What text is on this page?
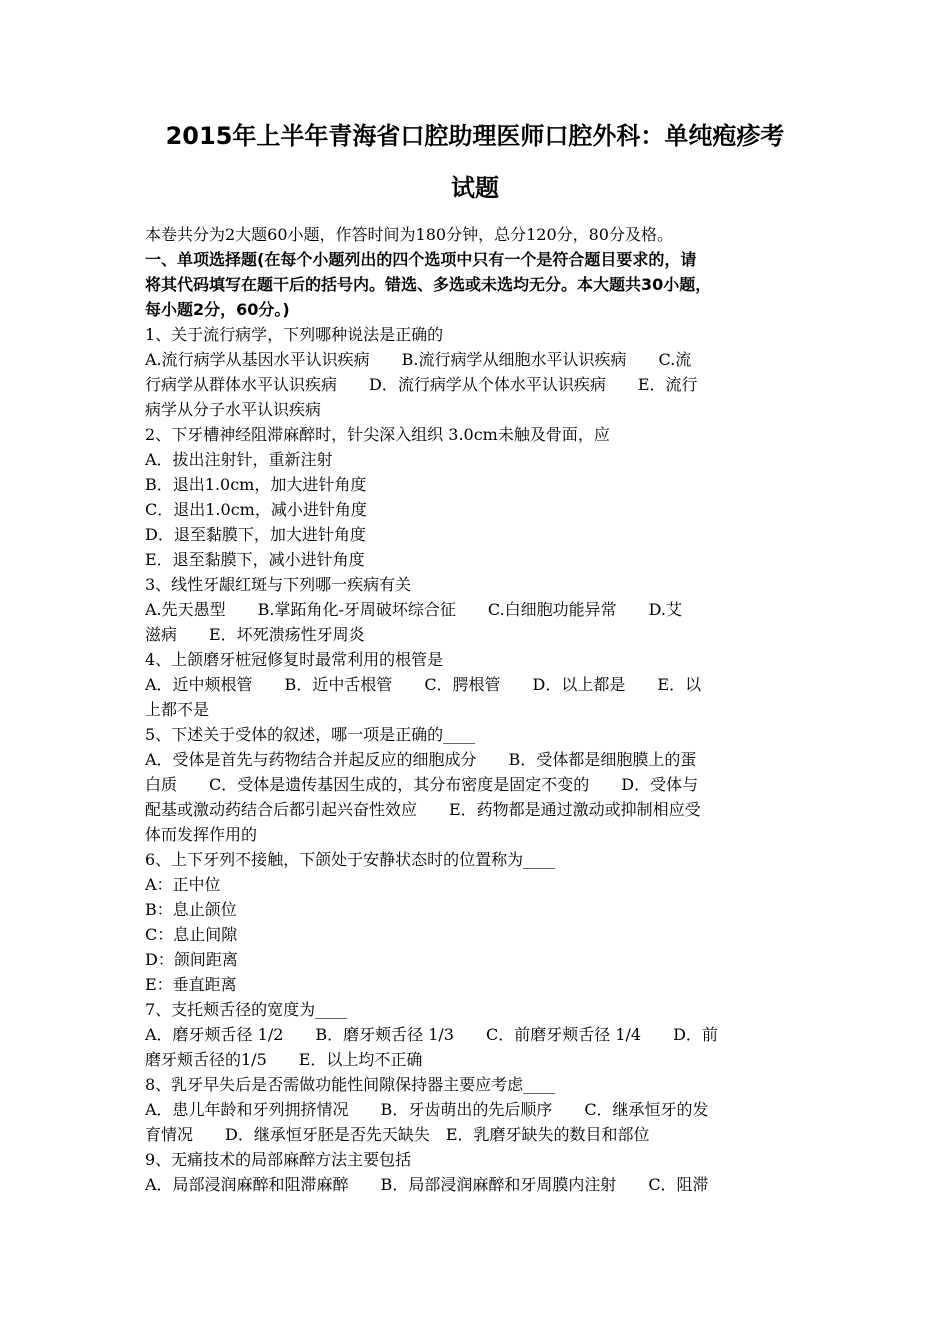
2015年上半年青海省口腔助理医师口腔外科：单纯疱疹考
试题
本卷共分为2大题60小题，作答时间为180分钟，总分120分，80分及格。
一、单项选择题(在每个小题列出的四个选项中只有一个是符合题目要求的，请
将其代码填写在题干后的括号内。错选、多选或未选均无分。本大题共30小题，
每小题2分，60分。)
1、关于流行病学，下列哪种说法是正确的
A.流行病学从基因水平认识疾病　　B.流行病学从细胞水平认识疾病　　C.流
行病学从群体水平认识疾病　　D．流行病学从个体水平认识疾病　　E．流行
病学从分子水平认识疾病
2、下牙槽神经阻滞麻醉时，针尖深入组织 3.0cm未触及骨面，应
A．拔出注射针，重新注射
B．退出1.0cm，加大进针角度
C．退出1.0cm，减小进针角度
D．退至黏膜下，加大进针角度
E．退至黏膜下，减小进针角度
3、线性牙龈红斑与下列哪一疾病有关
A.先天愚型　　B.掌跖角化-牙周破坏综合征　　C.白细胞功能异常　　D.艾
滋病　　E．坏死溃疡性牙周炎
4、上颌磨牙桩冠修复时最常利用的根管是
A．近中颊根管　　B．近中舌根管　　C．腭根管　　D．以上都是　　E．以
上都不是
5、下述关于受体的叙述，哪一项是正确的____
A．受体是首先与药物结合并起反应的细胞成分　　B．受体都是细胞膜上的蛋
白质　　C．受体是遗传基因生成的，其分布密度是固定不变的　　D．受体与
配基或激动药结合后都引起兴奋性效应　　E．药物都是通过激动或抑制相应受
体而发挥作用的
6、上下牙列不接触，下颌处于安静状态时的位置称为____
A：正中位
B：息止颌位
C：息止间隙
D：颌间距离
E：垂直距离
7、支托颊舌径的宽度为____
A．磨牙颊舌径 1/2　　B．磨牙颊舌径 1/3　　C．前磨牙颊舌径 1/4　　D．前
磨牙颊舌径的1/5　　E．以上均不正确
8、乳牙早失后是否需做功能性间隙保持器主要应考虑____
A．患儿年龄和牙列拥挤情况　　B．牙齿萌出的先后顺序　　C．继承恒牙的发
育情况　　D．继承恒牙胚是否先天缺失　E．乳磨牙缺失的数目和部位
9、无痛技术的局部麻醉方法主要包括
A．局部浸润麻醉和阻滞麻醉　　B．局部浸润麻醉和牙周膜内注射　　C．阻滞
